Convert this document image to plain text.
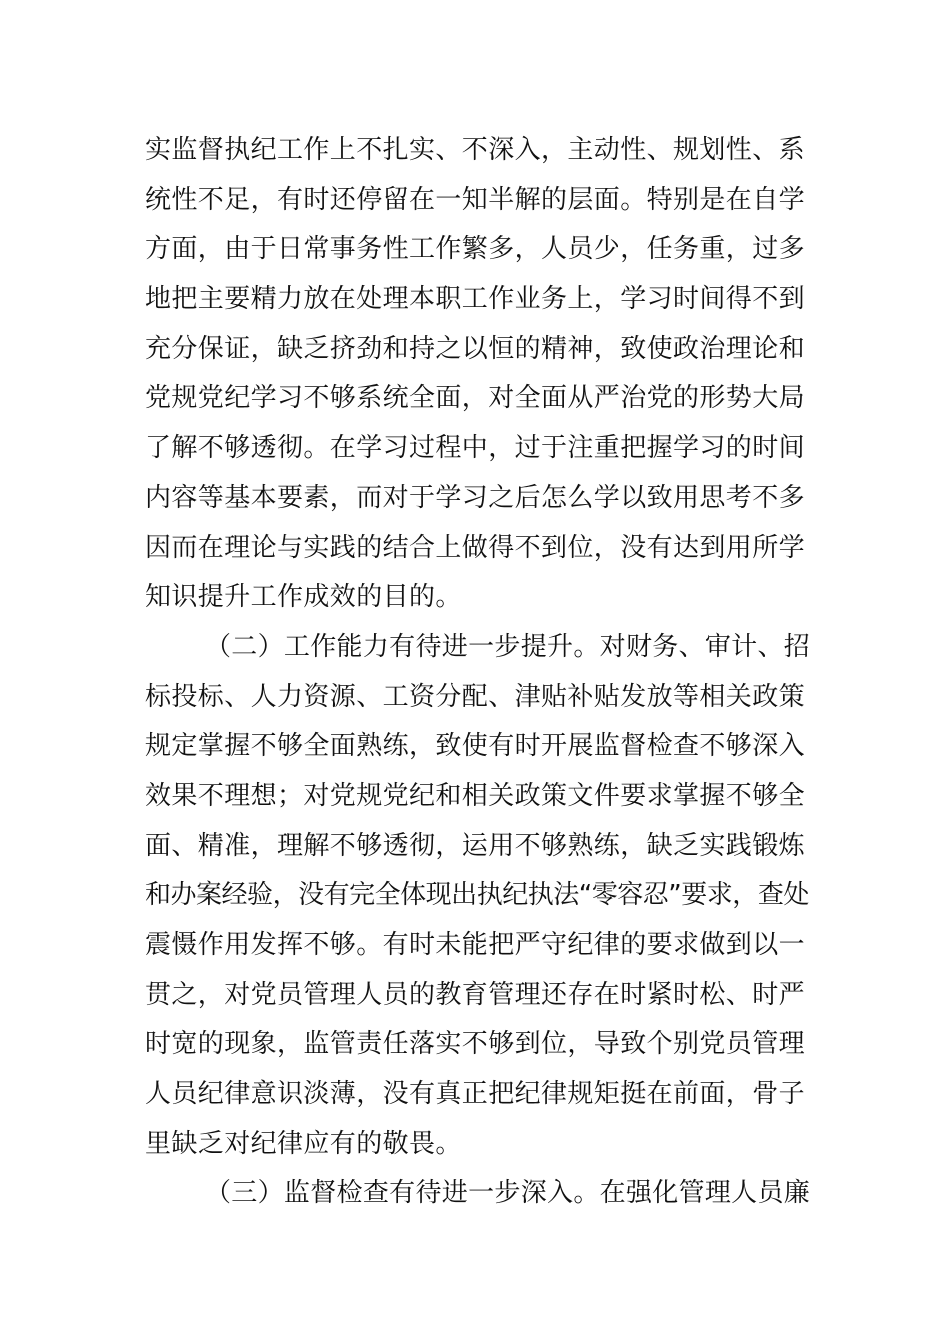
实监督执纪工作上不扎实、不深入，主动性、规划性、系
统性不足，有时还停留在一知半解的层面。特别是在自学
方面，由于日常事务性工作繁多，人员少，任务重，过多
地把主要精力放在处理本职工作业务上，学习时间得不到
充分保证，缺乏挤劲和持之以恒的精神，致使政治理论和
党规党纪学习不够系统全面，对全面从严治党的形势大局
了解不够透彻。在学习过程中，过于注重把握学习的时间
内容等基本要素，而对于学习之后怎么学以致用思考不多
因而在理论与实践的结合上做得不到位，没有达到用所学
知识提升工作成效的目的。
（二）工作能力有待进一步提升。对财务、审计、招
标投标、人力资源、工资分配、津贴补贴发放等相关政策
规定掌握不够全面熟练，致使有时开展监督检查不够深入
效果不理想；对党规党纪和相关政策文件要求掌握不够全
面、精准，理解不够透彻，运用不够熟练，缺乏实践锻炼
和办案经验，没有完全体现出执纪执法“零容忍”要求，查处
震慑作用发挥不够。有时未能把严守纪律的要求做到以一
贯之，对党员管理人员的教育管理还存在时紧时松、时严
时宽的现象，监管责任落实不够到位，导致个别党员管理
人员纪律意识淡薄，没有真正把纪律规矩挺在前面，骨子
里缺乏对纪律应有的敬畏。
（三）监督检查有待进一步深入。在强化管理人员廉
